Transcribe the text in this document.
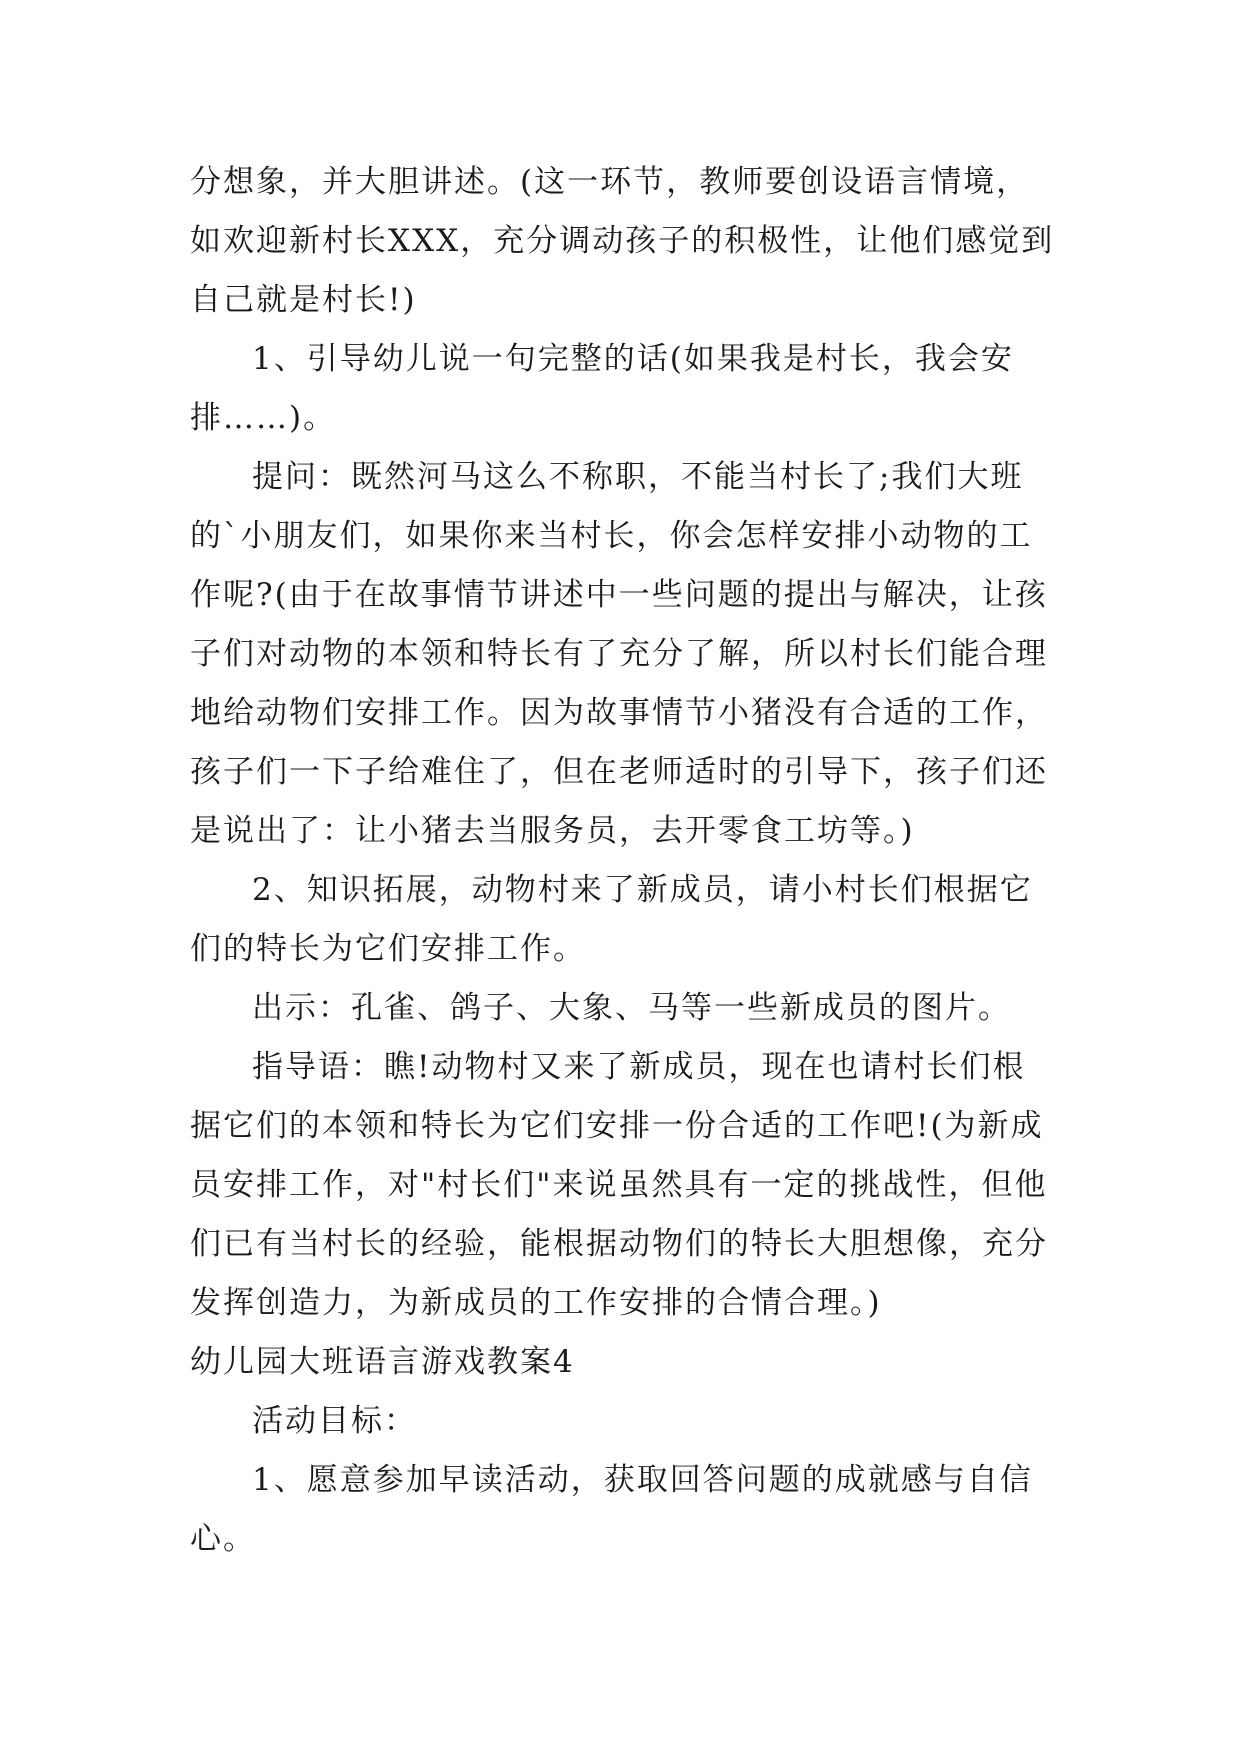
分想象，并大胆讲述。(这一环节，教师要创设语言情境，
如欢迎新村长XXX，充分调动孩子的积极性，让他们感觉到
自己就是村长!)
1、引导幼儿说一句完整的话(如果我是村长，我会安
排……)。
提问：既然河马这么不称职，不能当村长了;我们大班
的`小朋友们，如果你来当村长，你会怎样安排小动物的工
作呢?(由于在故事情节讲述中一些问题的提出与解决，让孩
子们对动物的本领和特长有了充分了解，所以村长们能合理
地给动物们安排工作。因为故事情节小猪没有合适的工作，
孩子们一下子给难住了，但在老师适时的引导下，孩子们还
是说出了：让小猪去当服务员，去开零食工坊等。)
2、知识拓展，动物村来了新成员，请小村长们根据它
们的特长为它们安排工作。
出示：孔雀、鸽子、大象、马等一些新成员的图片。
指导语：瞧!动物村又来了新成员，现在也请村长们根
据它们的本领和特长为它们安排一份合适的工作吧!(为新成
员安排工作，对"村长们"来说虽然具有一定的挑战性，但他
们已有当村长的经验，能根据动物们的特长大胆想像，充分
发挥创造力，为新成员的工作安排的合情合理。)
幼儿园大班语言游戏教案4
活动目标：
1、愿意参加早读活动，获取回答问题的成就感与自信
心。
